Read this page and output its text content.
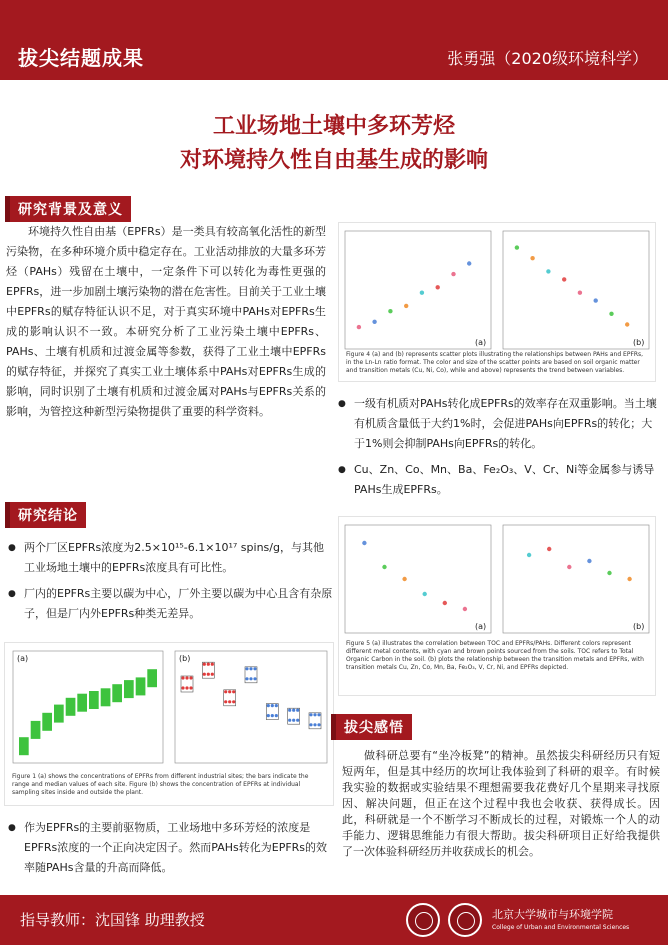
拔尖结题成果	张勇强（2020级环境科学）
工业场地土壤中多环芳烃
对环境持久性自由基生成的影响
研究背景及意义
环境持久性自由基（EPFRs）是一类具有较高氧化活性的新型污染物，在多种环境介质中稳定存在。工业活动排放的大量多环芳烃（PAHs）残留在土壤中，一定条件下可以转化为毒性更强的EPFRs，进一步加剧土壤污染物的潜在危害性。目前关于工业土壤中EPFRs的赋存特征认识不足，对于真实环境中PAHs对EPFRs生成的影响认识不一致。本研究分析了工业污染土壤中EPFRs、PAHs、土壤有机质和过渡金属等参数，获得了工业土壤中EPFRs的赋存特征，并探究了真实工业土壤体系中PAHs对EPFRs生成的影响，同时识别了土壤有机质和过渡金属对PAHs与EPFRs关系的影响，为管控这种新型污染物提供了重要的科学资料。
(a)	(b)
Figure 4 (a) and (b) represents scatter plots illustrating the relationships between PAHs and EPFRs, in the Ln-Ln ratio format. The color and size of the scatter points are based on soil organic matter and transition metals (Cu, Ni, Co), while and above) represents the trend between variables.
● 一级有机质对PAHs转化成EPFRs的效率存在双重影响。当土壤有机质含量低于大约1%时，会促进PAHs向EPFRs的转化；大于1%则会抑制PAHs向EPFRs的转化。
● Cu、Zn、Co、Mn、Ba、Fe₂O₃、V、Cr、Ni等金属参与诱导PAHs生成EPFRs。
研究结论
● 两个厂区EPFRs浓度为2.5×10¹⁵-6.1×10¹⁷ spins/g，与其他工业场地土壤中的EPFRs浓度具有可比性。
● 厂内的EPFRs主要以碳为中心，厂外主要以碳为中心且含有杂原子，但是厂内外EPFRs种类无差异。
(a)	(b)
Figure 5 (a) illustrates the correlation between TOC and EPFRs/PAHs. Different colors represent different metal contents, with cyan and brown points sourced from the soils. TOC refers to Total Organic Carbon in the soil. (b) plots the relationship between the transition metals and EPFRs, with transition metals Cu, Zn, Co, Mn, Ba, Fe₂O₃, V, Cr, Ni, and EPFRs depicted.
(a)	(b)
Figure 1 (a) shows the concentrations of EPFRs from different industrial sites; the bars indicate the range and median values of each site. Figure (b) shows the concentration of EPFRs at individual sampling sites inside and outside the plant.
● 作为EPFRs的主要前驱物质，工业场地中多环芳烃的浓度是EPFRs浓度的一个正向决定因子。然而PAHs转化为EPFRs的效率随PAHs含量的升高而降低。
拔尖感悟
做科研总要有“坐冷板凳”的精神。虽然拔尖科研经历只有短短两年，但是其中经历的坎坷让我体验到了科研的艰辛。有时候我实验的数据或实验结果不理想需要我花费好几个星期来寻找原因、解决问题，但正在这个过程中我也会收获、获得成长。因此，科研就是一个不断学习不断成长的过程，对锻炼一个人的动手能力、逻辑思维能力有很大帮助。拔尖科研项目正好给我提供了一次体验科研经历并收获成长的机会。
指导教师：沈国锋 助理教授	北京大学城市与环境学院
College of Urban and Environmental Sciences
